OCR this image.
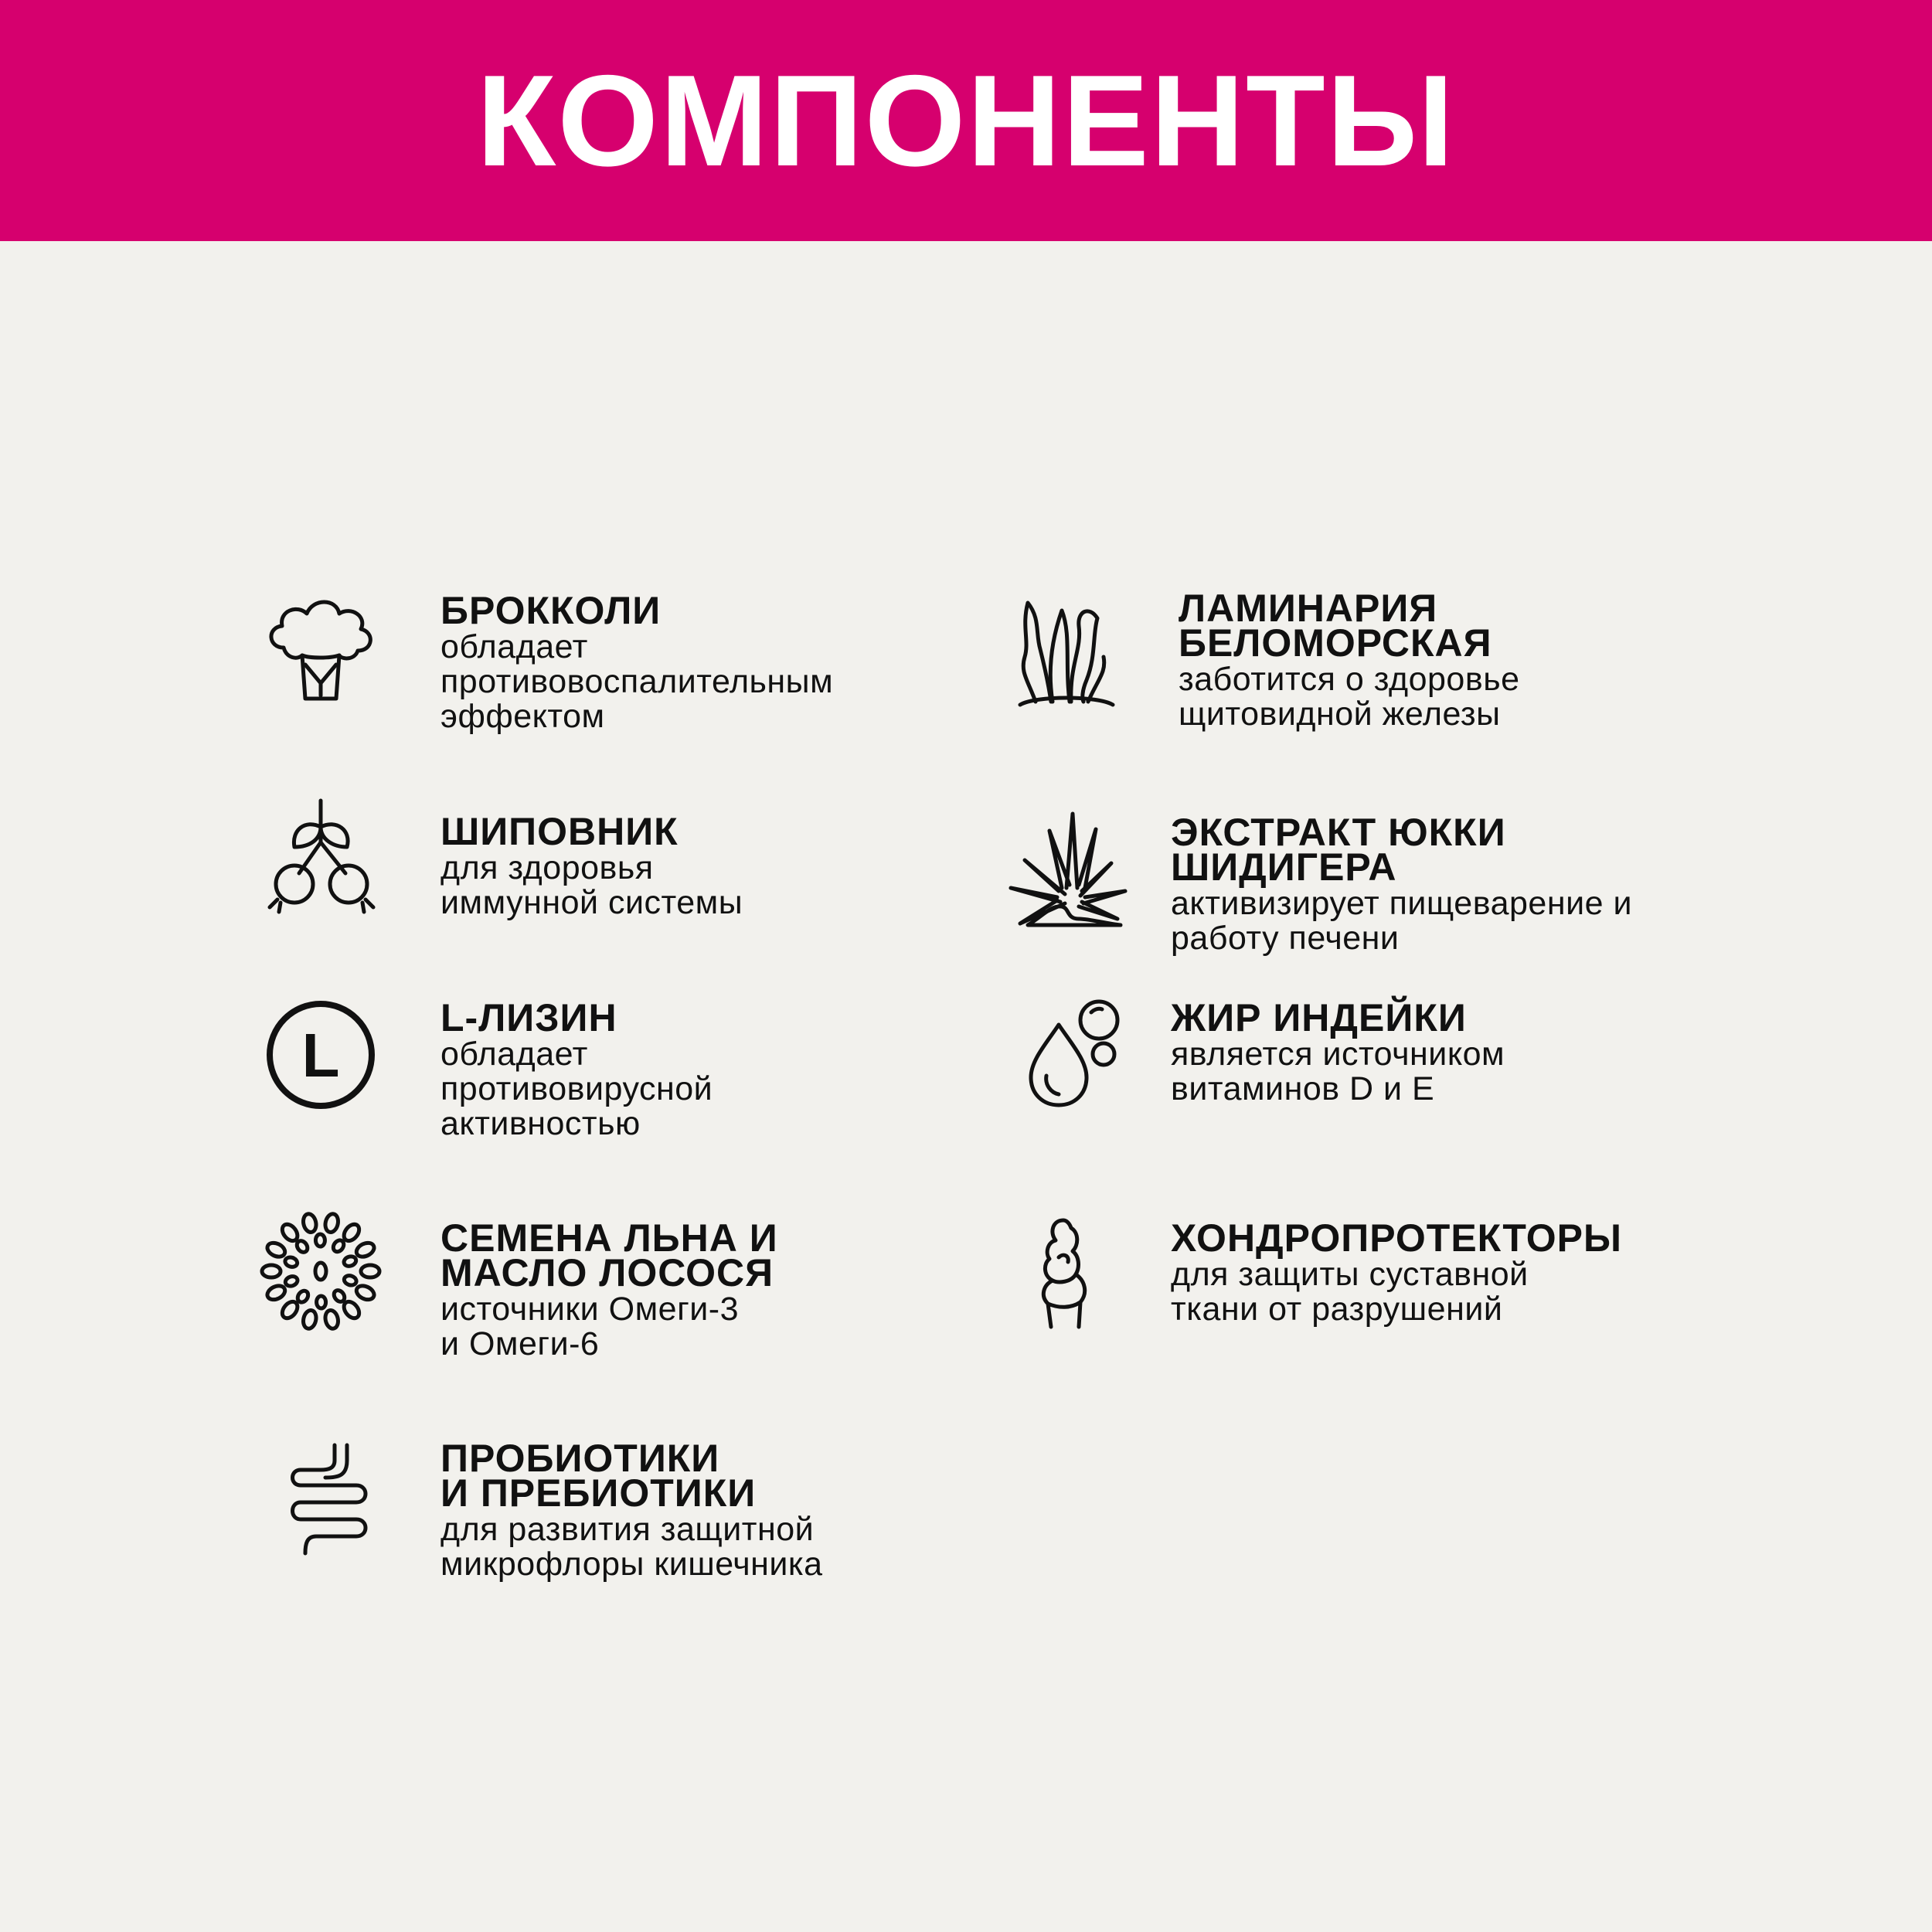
КОМПОНЕНТЫ
БРОККОЛИ
обладает
противовоспалительным
эффектом
ШИПОВНИК
для здоровья
иммунной системы
L
L-ЛИЗИН
обладает
противовирусной
активностью
СЕМЕНА ЛЬНА И
МАСЛО ЛОСОСЯ
источники Омеги-3
и Омеги-6
ПРОБИОТИКИ
И ПРЕБИОТИКИ
для развития защитной
микрофлоры кишечника
ЛАМИНАРИЯ
БЕЛОМОРСКАЯ
заботится о здоровье
щитовидной железы
ЭКСТРАКТ ЮККИ
ШИДИГЕРА
активизирует пищеварение и
работу печени
ЖИР ИНДЕЙКИ
является источником
витаминов D и E
ХОНДРОПРОТЕКТОРЫ
для защиты суставной
ткани от разрушений
